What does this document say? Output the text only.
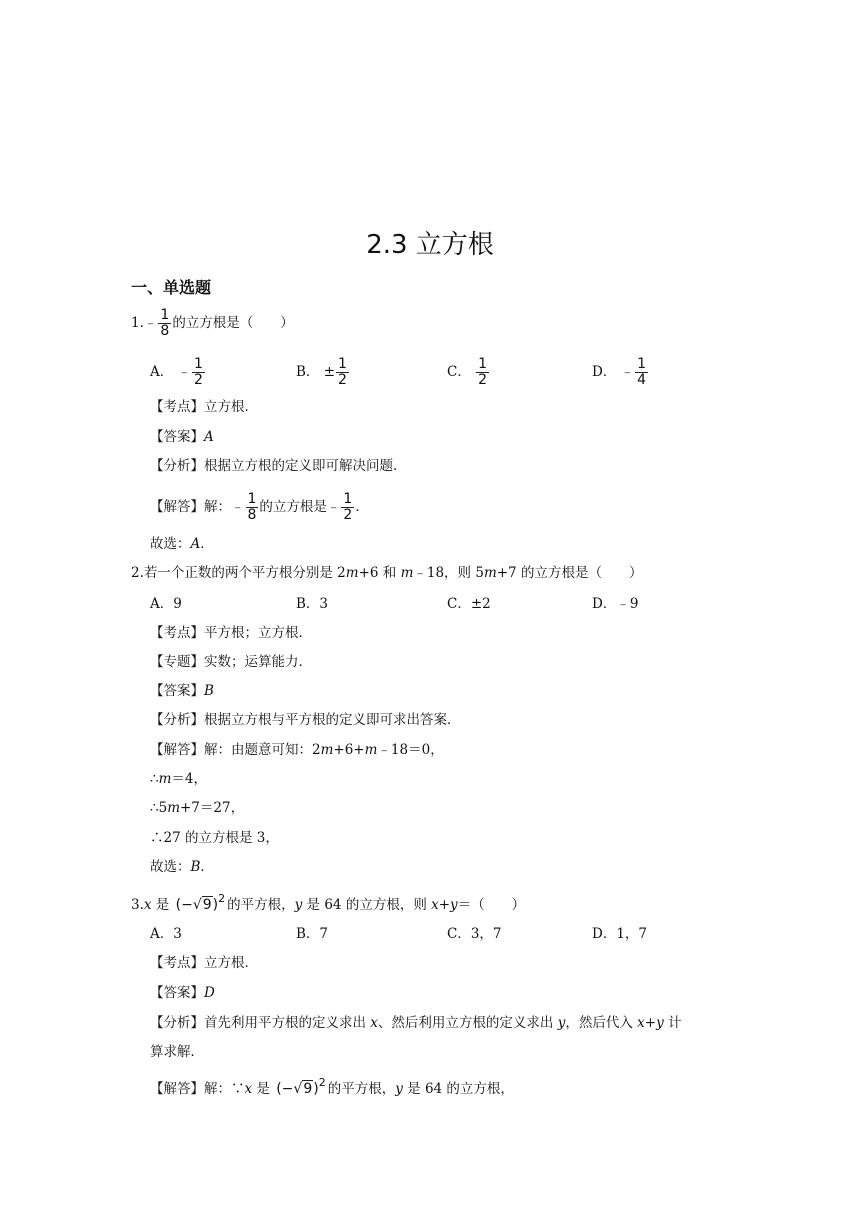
2.3 立方根
一、单选题
1.﹣ $\frac{1}{8}$ 的立方根是（　　）
A． ﹣ $\frac{1}{2}$	B． ± $\frac{1}{2}$	C． $\frac{1}{2}$	D． ﹣ $\frac{1}{4}$
【考点】立方根．
【答案】A
【分析】根据立方根的定义即可解决问题．
【解答】解：﹣ $\frac{1}{8}$ 的立方根是﹣ $\frac{1}{2}$ ．
故选：A．
2.若一个正数的两个平方根分别是 2m+6 和 m﹣18，则 5m+7 的立方根是（　　）
A．9	B．3	C．±2	D．﹣9
【考点】平方根；立方根．
【专题】实数；运算能力．
【答案】B
【分析】根据立方根与平方根的定义即可求出答案．
【解答】解：由题意可知：2m+6+m﹣18＝0，
∴m＝4，
∴5m+7＝27，
∴27 的立方根是 3，
故选：B．
3.x 是 $(-√9)^2$ 的平方根，y 是 64 的立方根，则 x+y＝（　　）
A．3	B．7	C．3，7	D．1，7
【考点】立方根．
【答案】D
【分析】首先利用平方根的定义求出 x、然后利用立方根的定义求出 y，然后代入 x+y 计
算求解．
【解答】解：∵x 是 $(-√9)^2$ 的平方根，y 是 64 的立方根，
